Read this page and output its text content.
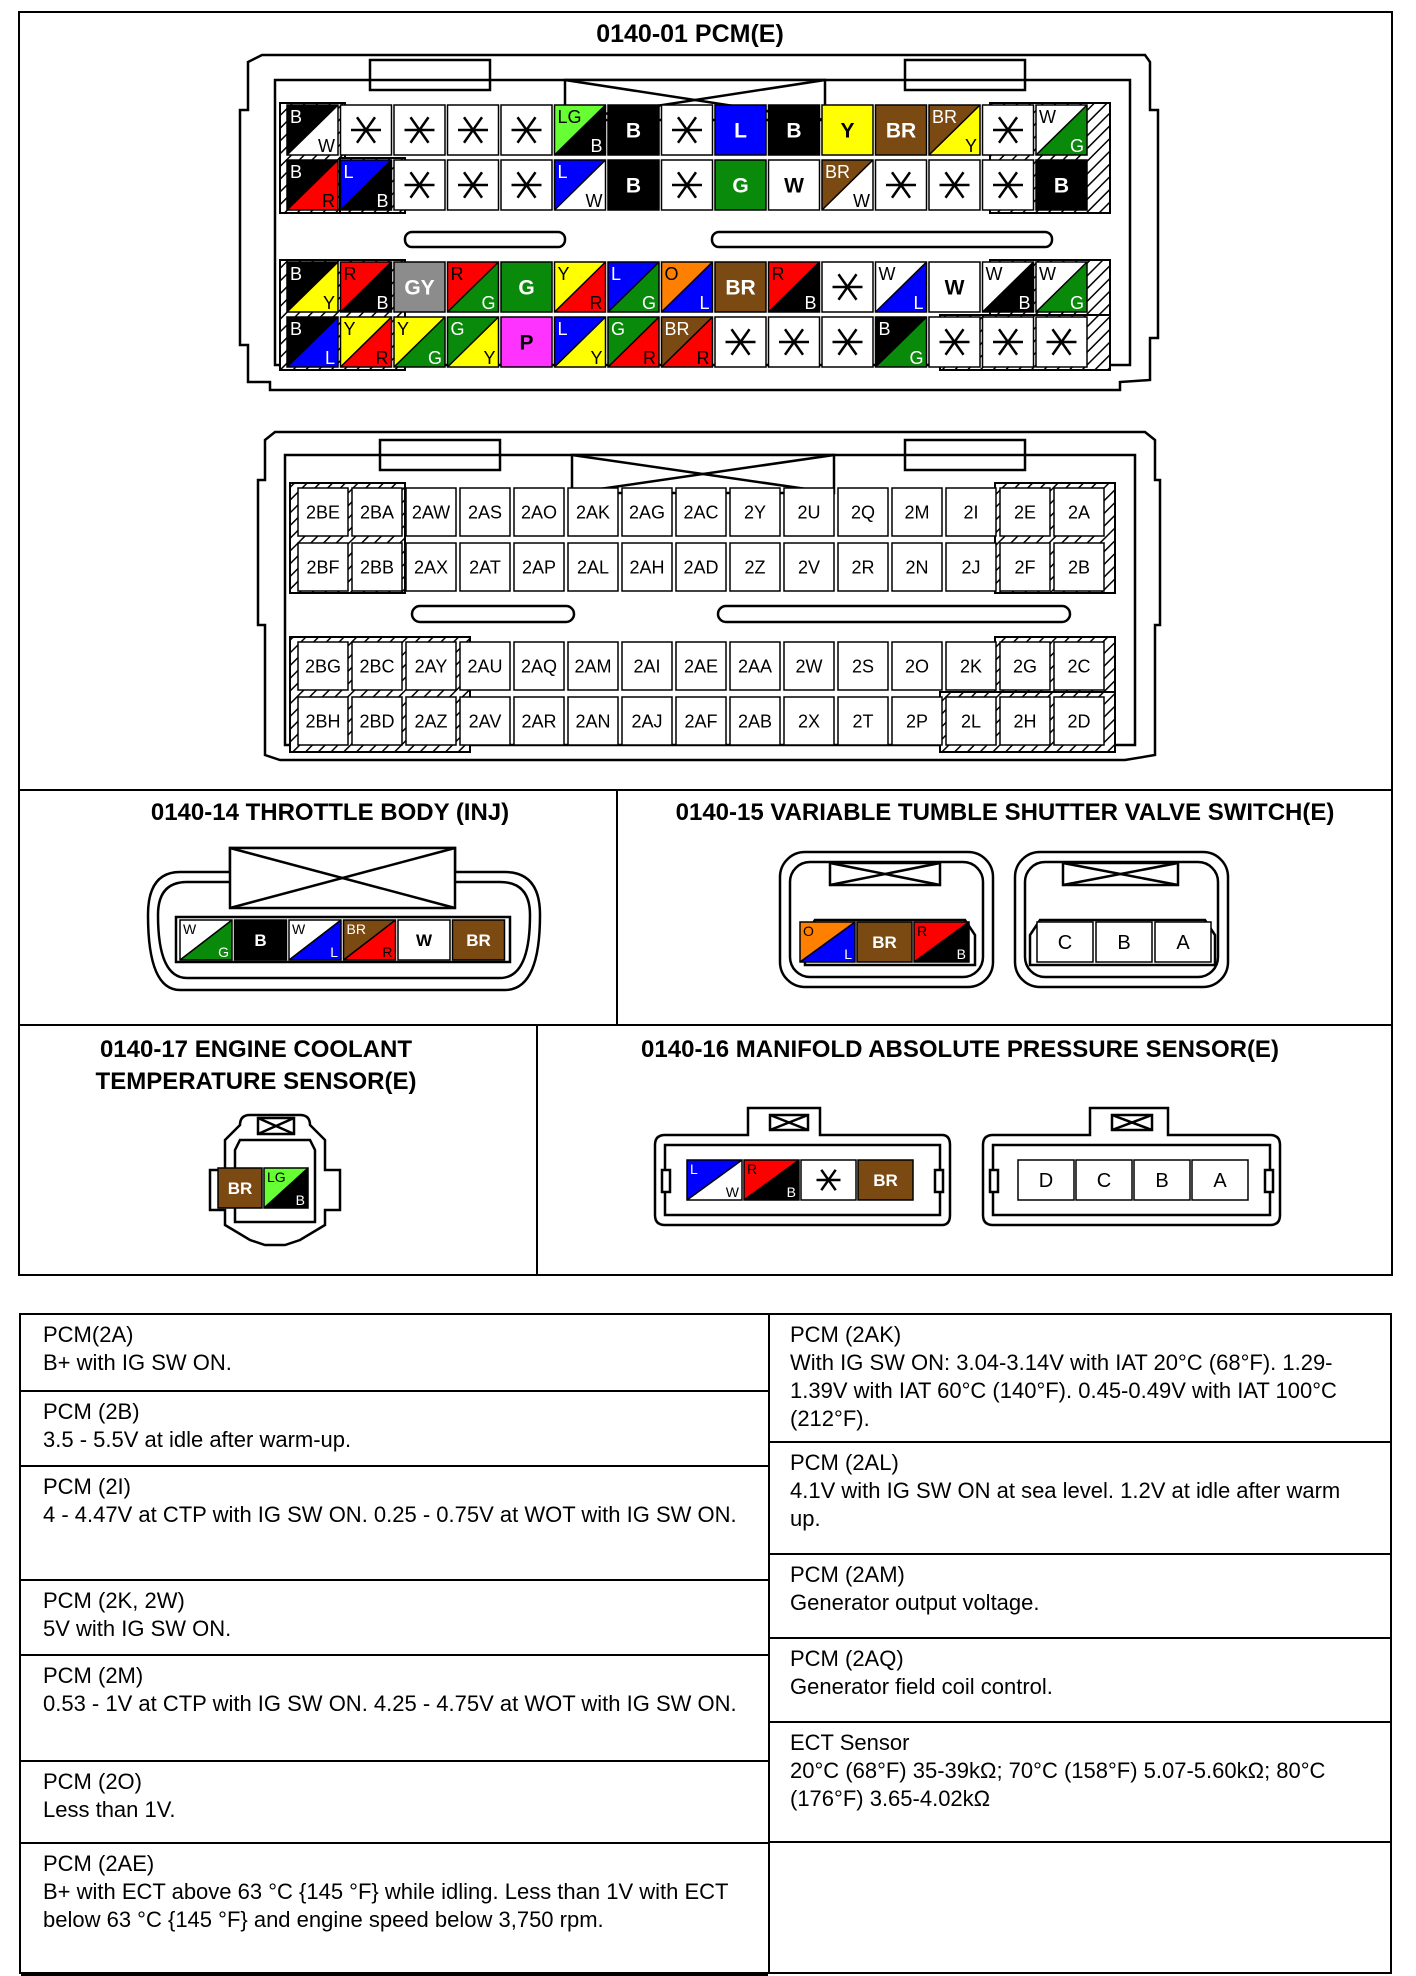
0140-01 PCM(E)
0140-14 THROTTLE BODY (INJ)	0140-15 VARIABLE TUMBLE SHUTTER VALVE SWITCH(E)
0140-17 ENGINE COOLANT
TEMPERATURE SENSOR(E)
0140-16 MANIFOLD ABSOLUTE PRESSURE SENSOR(E)
B
W
LG
B
B	L B Y BR
BR
Y
W
G
B
R
L
B
L
W
B	G W
BR
W
B
B
Y
R
B
GY
R
G
G
Y
R
L
G
O
L
BR
R
B
W
L
W
W
B
W
G
B
L
Y
R
Y
G
G
Y
P
L
Y
G
R
BR
R
B
G
2BE 2BA 2AW 2AS 2AO 2AK 2AG 2AC 2Y 2U 2Q 2M 2I 2E 2A
2BF 2BB 2AX 2AT 2AP 2AL 2AH 2AD 2Z 2V 2R 2N 2J 2F 2B
2BG 2BC 2AY 2AU 2AQ 2AM 2AI 2AE 2AA 2W 2S 2O 2K 2G 2C
2BH 2BD 2AZ 2AV 2AR 2AN 2AJ 2AF 2AB 2X 2T 2P 2L 2H 2D
W
G
B
W
L
BR
R
W BR
O
L
BR
R
B	C B A
BR
LG
B
L
W
R
B
BR	D C B A
PCM(2A)
B+ with IG SW ON.
PCM (2B)
3.5 - 5.5V at idle after warm-up.
PCM (2I)
4 - 4.47V at CTP with IG SW ON. 0.25 - 0.75V at WOT with IG SW ON.
PCM (2K, 2W)
5V with IG SW ON.
PCM (2M)
0.53 - 1V at CTP with IG SW ON. 4.25 - 4.75V at WOT with IG SW ON.
PCM (2O)
Less than 1V.
PCM (2AE)
B+ with ECT above 63 °C {145 °F} while idling. Less than 1V with ECT below 63 °C {145 °F} and engine speed below 3,750 rpm.
PCM (2AK)
With IG SW ON: 3.04-3.14V with IAT 20°C (68°F). 1.29-1.39V with IAT 60°C (140°F). 0.45-0.49V with IAT 100°C (212°F).
PCM (2AL)
4.1V with IG SW ON at sea level. 1.2V at idle after warm up.
PCM (2AM)
Generator output voltage.
PCM (2AQ)
Generator field coil control.
ECT Sensor
20°C (68°F) 35-39kΩ; 70°C (158°F) 5.07-5.60kΩ; 80°C (176°F) 3.65-4.02kΩ
